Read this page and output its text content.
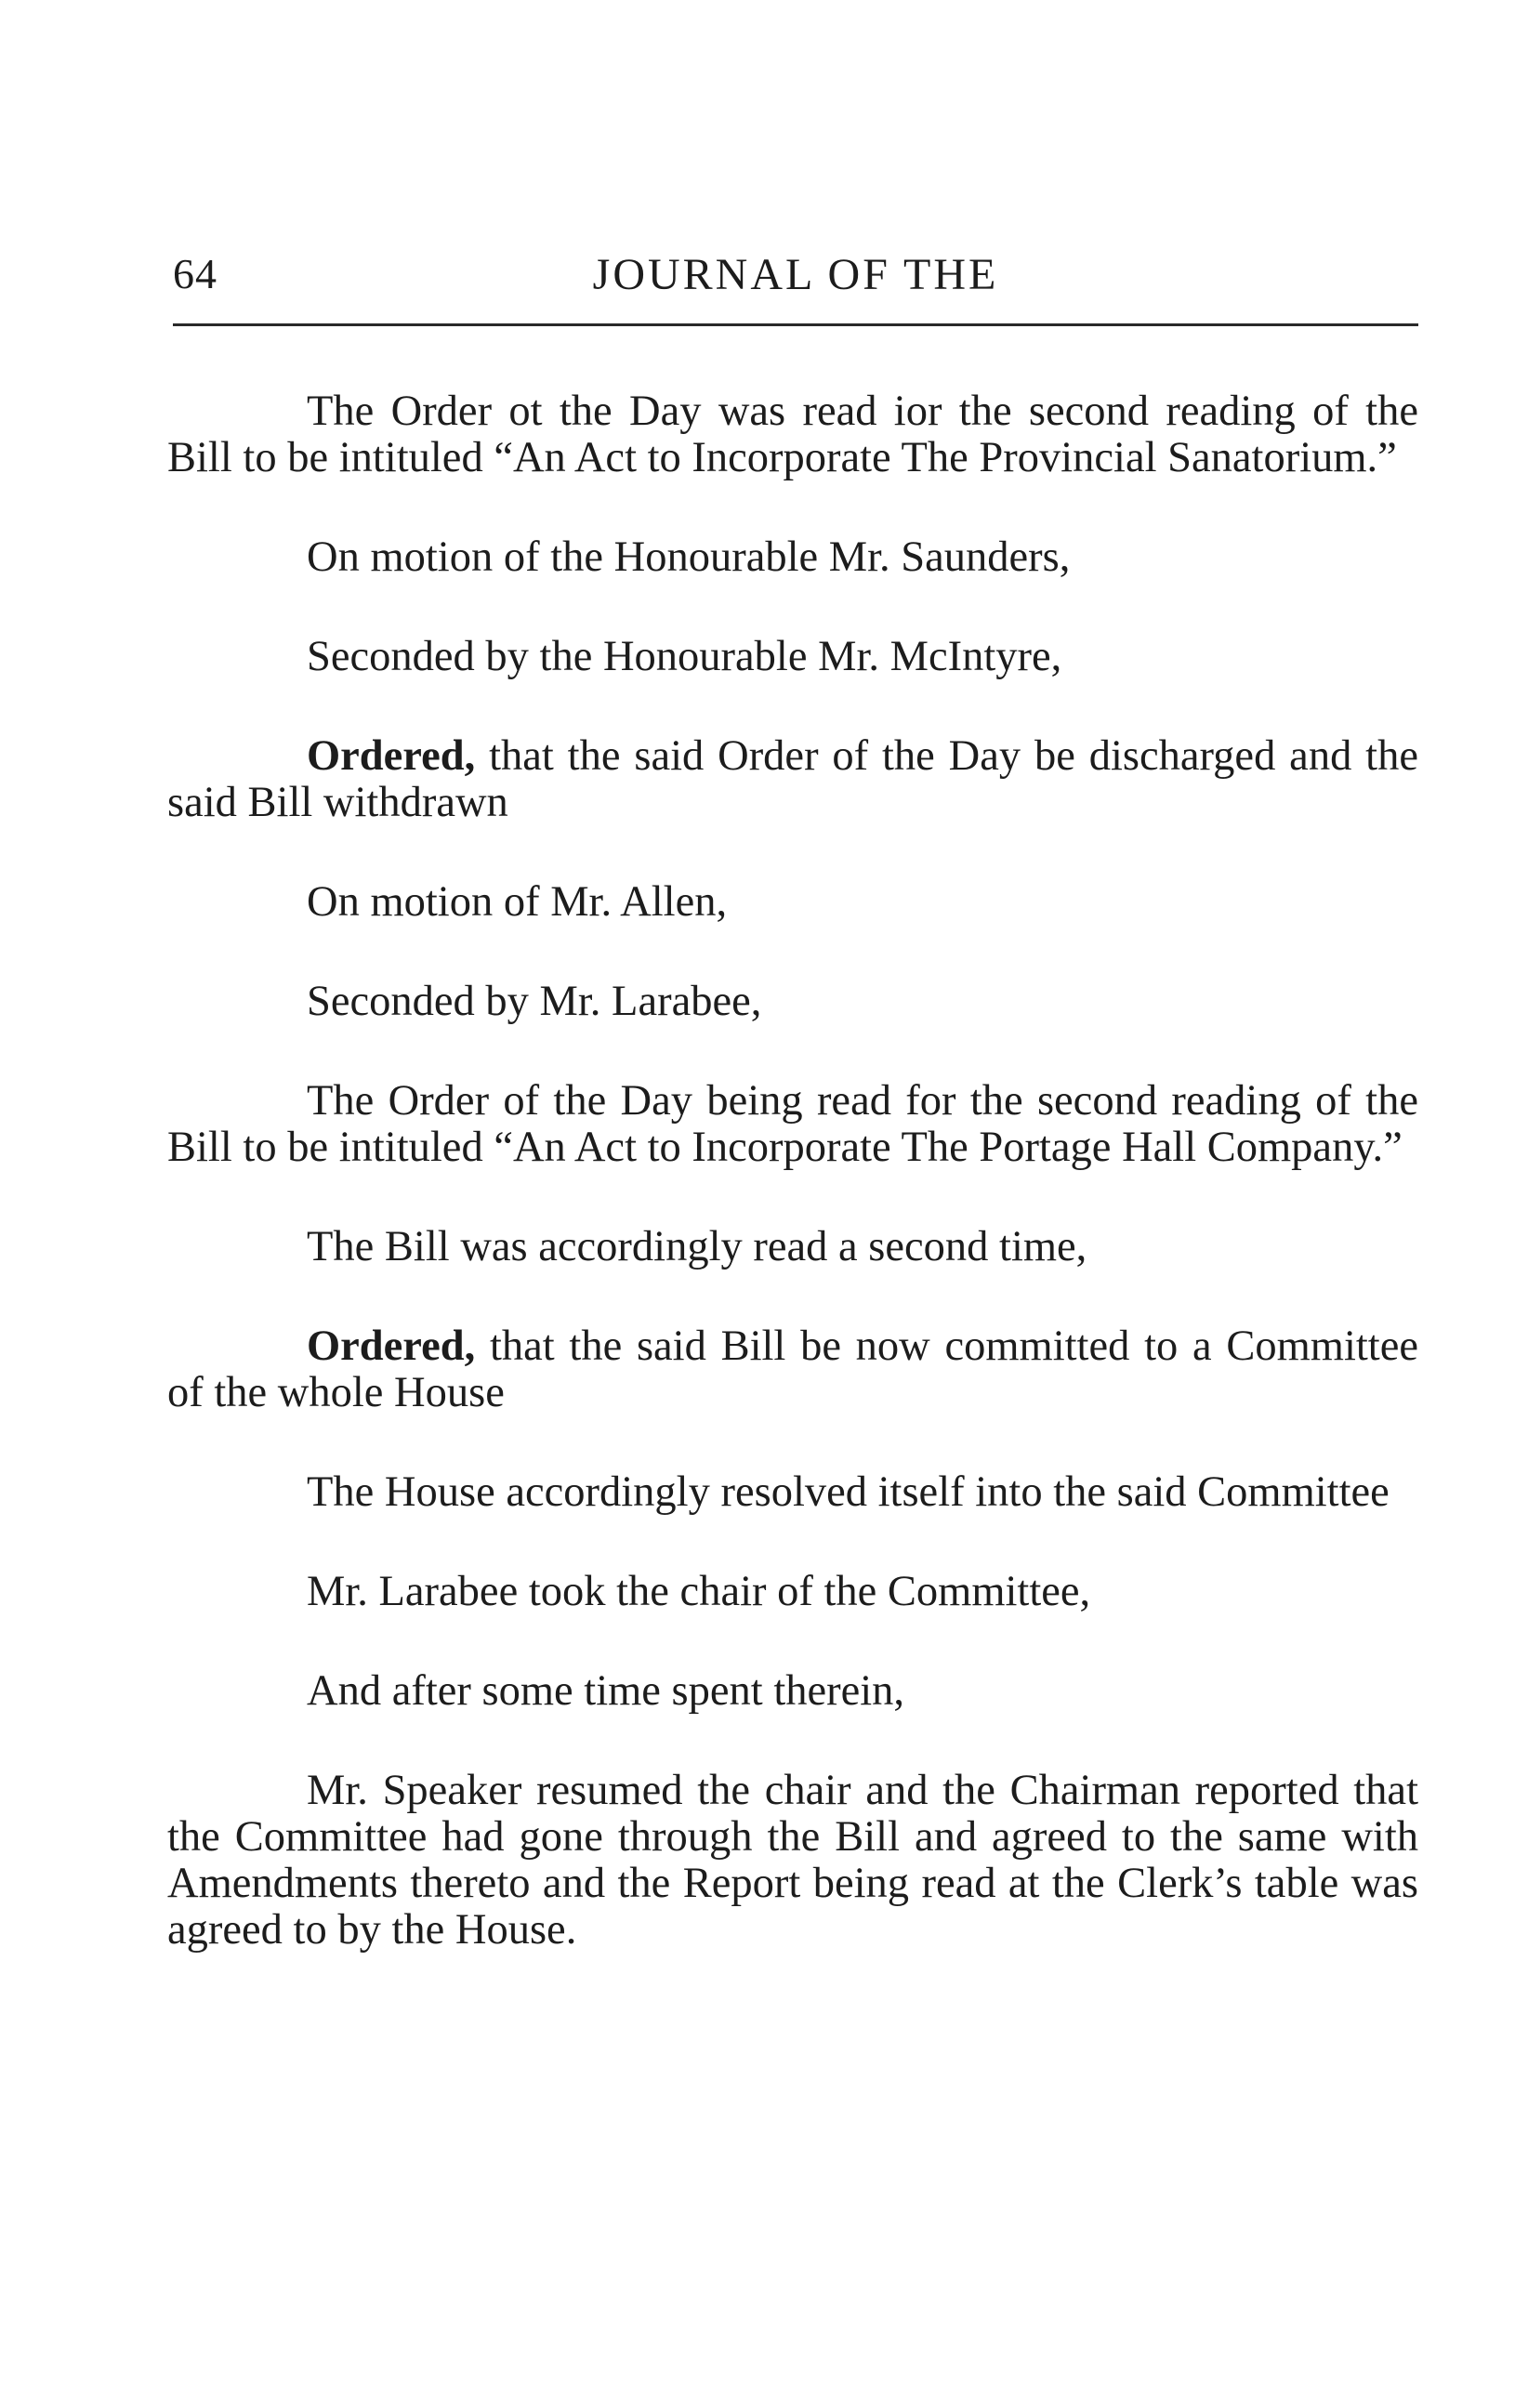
64	JOURNAL OF THE

The Order ot the Day was read ior the second reading of the Bill to be intituled “An Act to Incorporate The Provincial Sanatorium.”

On motion of the Honourable Mr. Saunders,

Seconded by the Honourable Mr. McIntyre,

Ordered, that the said Order of the Day be discharged and the said Bill withdrawn

On motion of Mr. Allen,

Seconded by Mr. Larabee,

The Order of the Day being read for the second reading of the Bill to be intituled “An Act to Incorporate The Portage Hall Company.”

The Bill was accordingly read a second time,

Ordered, that the said Bill be now committed to a Committee of the whole House

The House accordingly resolved itself into the said Committee

Mr. Larabee took the chair of the Committee,

And after some time spent therein,

Mr. Speaker resumed the chair and the Chairman reported that the Committee had gone through the Bill and agreed to the same with Amendments thereto and the Report being read at the Clerk’s table was agreed to by the House.
